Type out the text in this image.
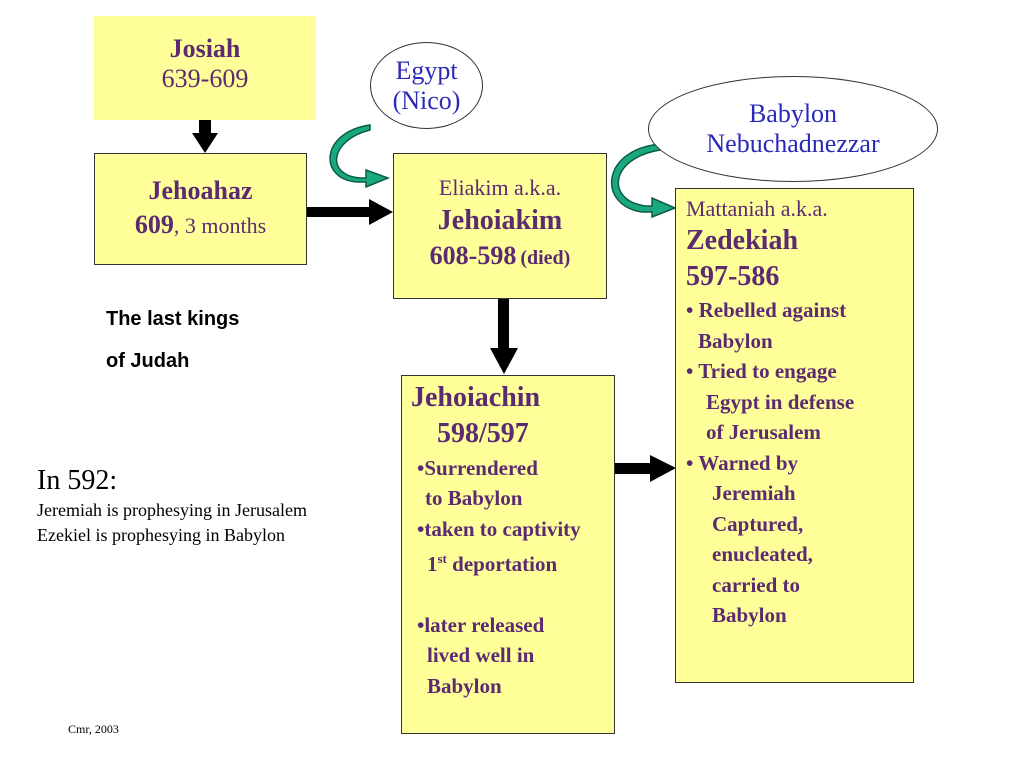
Josiah
639-609
Jehoahaz
609, 3 months
Egypt
(Nico)	Babylon
Nebuchadnezzar
Eliakim a.k.a.
Jehoiakim
608-598 (died)
Mattaniah a.k.a.
Zedekiah
597-586
• Rebelled against
Babylon
• Tried to engage
Egypt in defense
of Jerusalem
• Warned by
Jeremiah
Captured,
enucleated,
carried to
Babylon
Jehoiachin
598/597
•Surrendered
to Babylon
•taken to captivity
1st deportation
•later released
lived well in
Babylon
The last kings
of Judah
In 592:
Jeremiah is prophesying in Jerusalem
Ezekiel is prophesying in Babylon
Cmr, 2003
